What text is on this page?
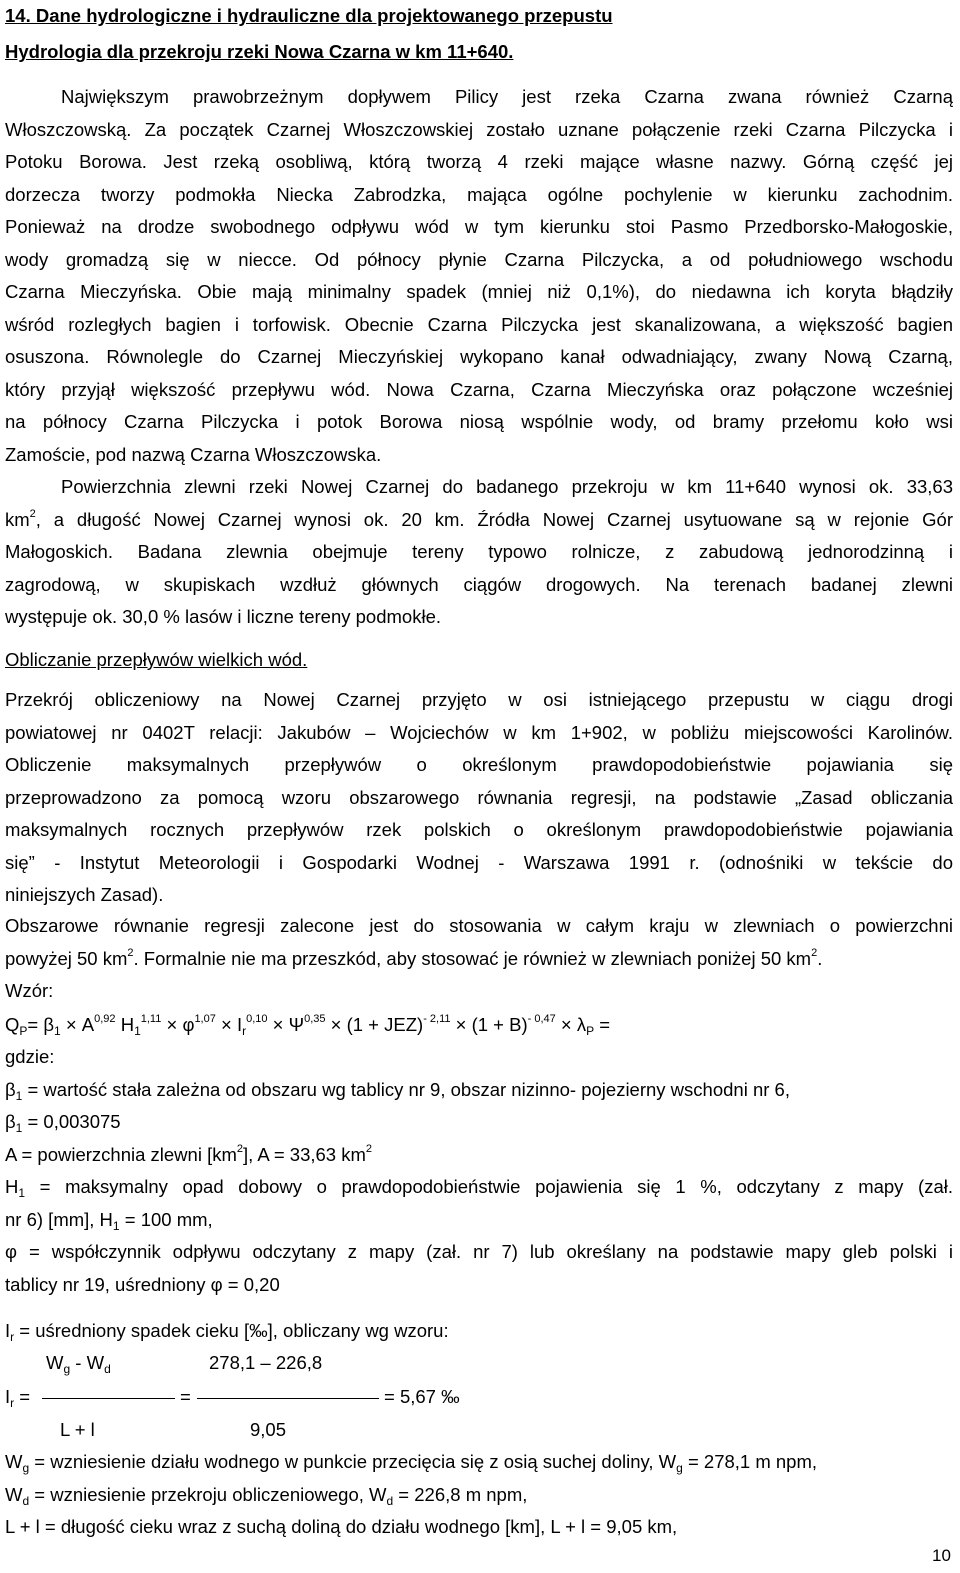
14. Dane hydrologiczne i hydrauliczne dla projektowanego przepustu
Hydrologia dla przekroju rzeki Nowa Czarna w km 11+640.
Największym prawobrzeżnym dopływem Pilicy jest rzeka Czarna zwana również Czarną
Włoszczowską. Za początek Czarnej Włoszczowskiej zostało uznane połączenie rzeki Czarna Pilczycka i
Potoku Borowa. Jest rzeką osobliwą, którą tworzą 4 rzeki mające własne nazwy. Górną część jej
dorzecza tworzy podmokła Niecka Zabrodzka, mająca ogólne pochylenie w kierunku zachodnim.
Ponieważ na drodze swobodnego odpływu wód w tym kierunku stoi Pasmo Przedborsko-Małogoskie,
wody gromadzą się w niecce. Od północy płynie Czarna Pilczycka, a od południowego wschodu
Czarna Mieczyńska. Obie mają minimalny spadek (mniej niż 0,1%), do niedawna ich koryta błądziły
wśród rozległych bagien i torfowisk. Obecnie Czarna Pilczycka jest skanalizowana, a większość bagien
osuszona. Równolegle do Czarnej Mieczyńskiej wykopano kanał odwadniający, zwany Nową Czarną,
który przyjął większość przepływu wód. Nowa Czarna, Czarna Mieczyńska oraz połączone wcześniej
na północy Czarna Pilczycka i potok Borowa niosą wspólnie wody, od bramy przełomu koło wsi
Zamoście, pod nazwą Czarna Włoszczowska.
Powierzchnia zlewni rzeki Nowej Czarnej do badanego przekroju w km 11+640 wynosi ok. 33,63
$km^2$, a długość Nowej Czarnej wynosi ok. 20 km. Źródła Nowej Czarnej usytuowane są w rejonie Gór
Małogoskich. Badana zlewnia obejmuje tereny typowo rolnicze, z zabudową jednorodzinną i
zagrodową, w skupiskach wzdłuż głównych ciągów drogowych. Na terenach badanej zlewni
występuje ok. 30,0 % lasów i liczne tereny podmokłe.
Obliczanie przepływów wielkich wód.
Przekrój obliczeniowy na Nowej Czarnej przyjęto w osi istniejącego przepustu w ciągu drogi
powiatowej nr 0402T relacji: Jakubów – Wojciechów w km 1+902, w pobliżu miejscowości Karolinów.
Obliczenie maksymalnych przepływów o określonym prawdopodobieństwie pojawiania się
przeprowadzono za pomocą wzoru obszarowego równania regresji, na podstawie „Zasad obliczania
maksymalnych rocznych przepływów rzek polskich o określonym prawdopodobieństwie pojawiania
się” - Instytut Meteorologii i Gospodarki Wodnej - Warszawa 1991 r. (odnośniki w tekście do
niniejszych Zasad).
Obszarowe równanie regresji zalecone jest do stosowania w całym kraju w zlewniach o powierzchni
powyżej 50 $km^2$. Formalnie nie ma przeszkód, aby stosować je również w zlewniach poniżej 50 $km^2$.
Wzór:
$Q_P= \beta_1 \times A^{0,92}$ $H_1^{1,11} \times \varphi^{1,07} \times I_r^{0,10} \times \Psi^{0,35} \times (1 + JEZ)^{- 2,11} \times (1 + B)^{- 0,47} \times \lambda_P$ =
gdzie:
$\beta_1$ = wartość stała zależna od obszaru wg tablicy nr 9, obszar nizinno- pojezierny wschodni nr 6,
$\beta_1 = 0,003075$
A = powierzchnia zlewni $[km^2]$, A = 33,63 $km^2$
$H_1$ = maksymalny opad dobowy o prawdopodobieństwie pojawienia się 1 %, odczytany z mapy (zał.
nr 6) [mm], $H_1 = 100$ mm,
φ = współczynnik odpływu odczytany z mapy (zał. nr 7) lub określany na podstawie mapy gleb polski i
tablicy nr 19, uśredniony φ = 0,20
$I_r$ = uśredniony spadek cieku [‰], obliczany wg wzoru:
$W_g - W_d$	278,1 – 226,8
$I_r$ =	=	= 5,67 ‰
L + l	9,05
$W_g$ = wzniesienie działu wodnego w punkcie przecięcia się z osią suchej doliny, $W_g = 278,1$ m npm,
$W_d$ = wzniesienie przekroju obliczeniowego, $W_d = 226,8$ m npm,
L + l = długość cieku wraz z suchą doliną do działu wodnego [km], L + l = 9,05 km,
10
